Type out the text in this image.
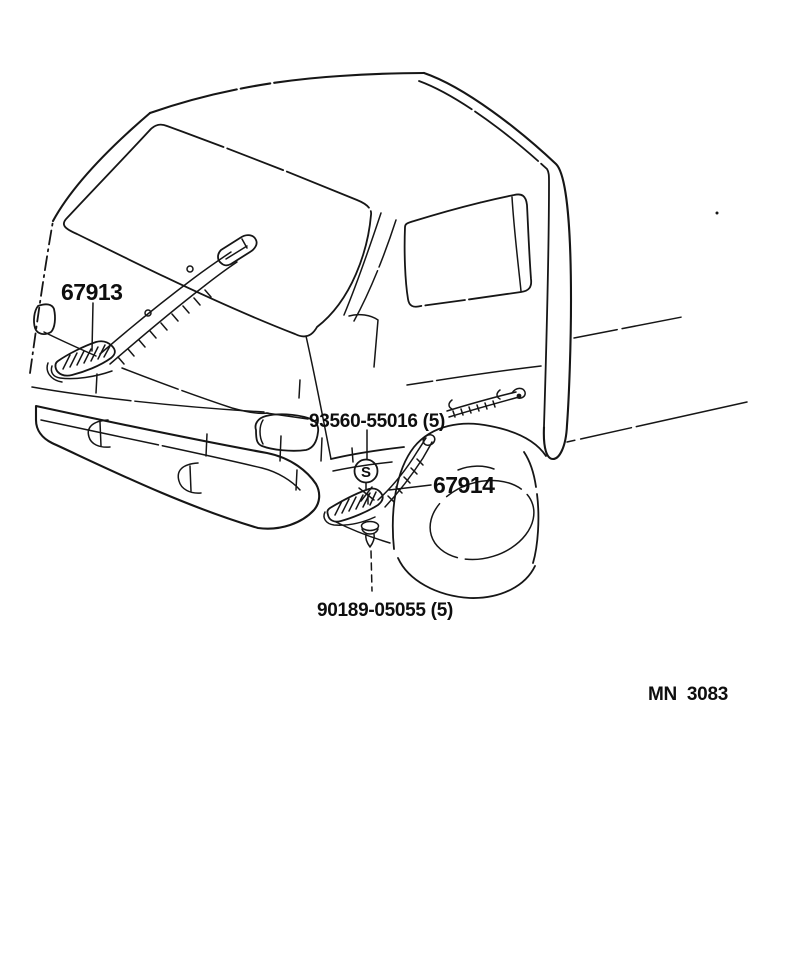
S
67913
93560-55016 (5)
67914
90189-05055 (5)
MN  3083
